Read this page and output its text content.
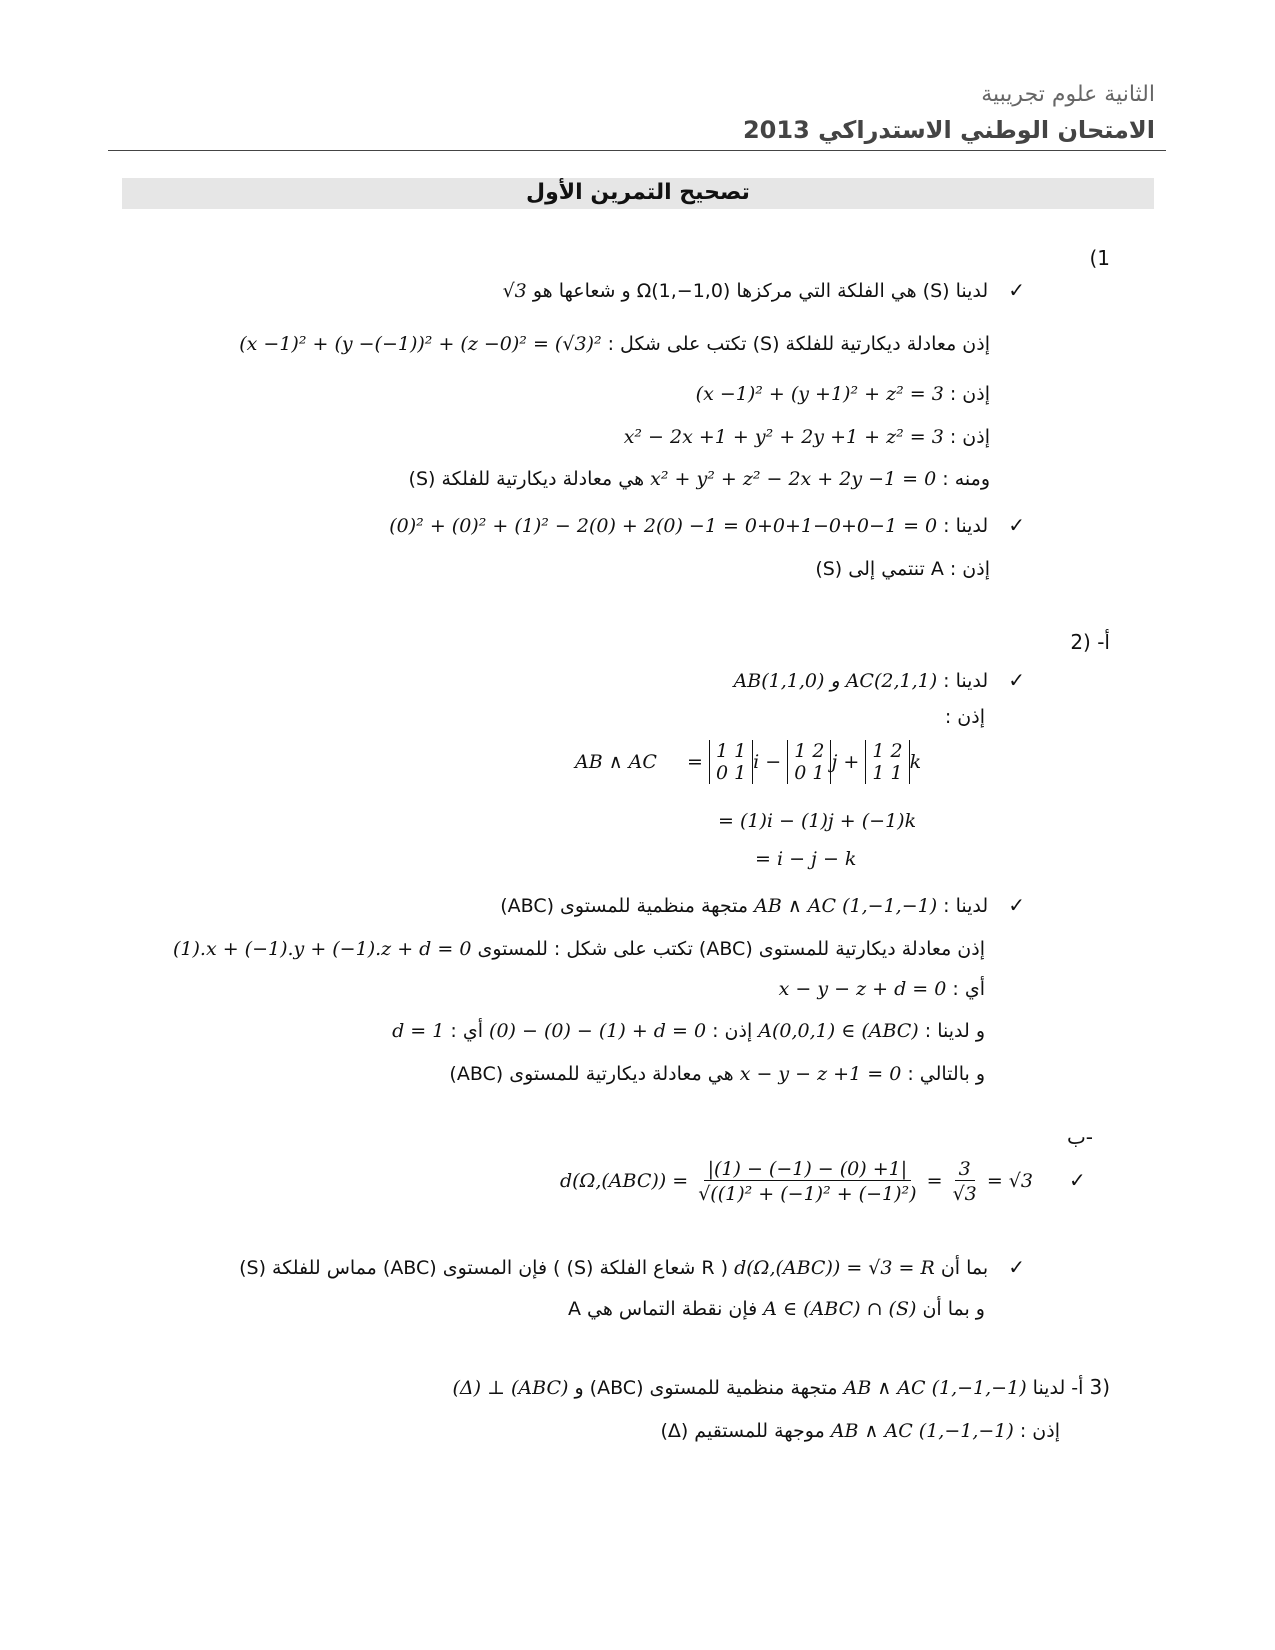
الثانية علوم تجريبية
الامتحان الوطني الاستدراكي 2013
تصحيح التمرين الأول
(1
✓ لدينا (S) هي الفلكة التي مركزها Ω(1,−1,0) و شعاعها هو √3
إذن معادلة ديكارتية للفلكة (S) تكتب على شكل : (x −1)² + (y −(−1))² + (z −0)² = (√3)²
إذن : (x −1)² + (y +1)² + z² = 3
إذن : x² − 2x +1 + y² + 2y +1 + z² = 3
ومنه : x² + y² + z² − 2x + 2y −1 = 0 هي معادلة ديكارتية للفلكة (S)
✓ لدينا : (0)² + (0)² + (1)² − 2(0) + 2(0) −1 = 0+0+1−0+0−1 = 0
إذن : A تنتمي إلى (S)
أ- (2
✓ لدينا : AB(1,1,0) و AC(2,1,1)
إذن :
AB ∧ AC = 1 1
0 1i − 1 2
0 1j + 1 2
1 1k
= (1)i − (1)j + (−1)k
= i − j − k
✓ لدينا : AB ∧ AC (1,−1,−1) متجهة منظمية للمستوى (ABC)
إذن معادلة ديكارتية للمستوى (ABC) تكتب على شكل : للمستوى (1).x + (−1).y + (−1).z + d = 0
أي : x − y − z + d = 0
و لدينا : A(0,0,1) ∈ (ABC) إذن : (0) − (0) − (1) + d = 0 أي : d = 1
و بالتالي : x − y − z +1 = 0 هي معادلة ديكارتية للمستوى (ABC)
ب-
$d(\Omega,(ABC)) = \frac{|(1) - (-1) - (0) +1|}{\text{√((1)² + (−1)² + (−1)²)}} = \frac{3}{√3} = √3$ ✓
✓ بما أن d(Ω,(ABC)) = √3 = R ( R شعاع الفلكة (S) ) فإن المستوى (ABC) مماس للفلكة (S)
و بما أن A ∈ (ABC) ∩ (S) فإن نقطة التماس هي A
(3 أ- لدينا AB ∧ AC (1,−1,−1) متجهة منظمية للمستوى (ABC) و (Δ) ⊥ (ABC)
إذن : AB ∧ AC (1,−1,−1) موجهة للمستقيم (Δ)
